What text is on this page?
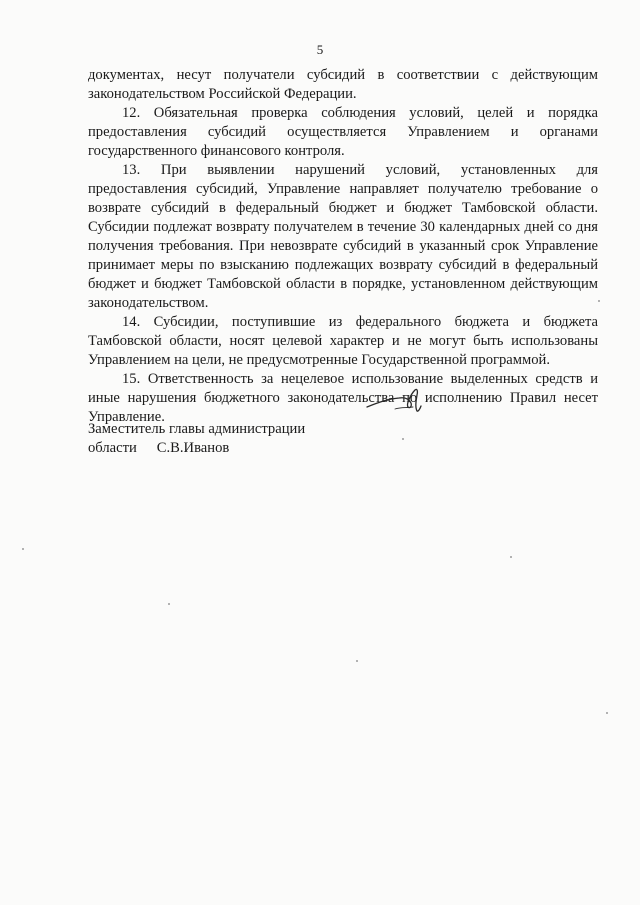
5

документах, несут получатели субсидий в соответствии с действующим законодательством Российской Федерации.

12. Обязательная проверка соблюдения условий, целей и порядка предоставления субсидий осуществляется Управлением и органами государственного финансового контроля.

13. При выявлении нарушений условий, установленных для предоставления субсидий, Управление направляет получателю требование о возврате субсидий в федеральный бюджет и бюджет Тамбовской области. Субсидии подлежат возврату получателем в течение 30 календарных дней со дня получения требования. При невозврате субсидий в указанный срок Управление принимает меры по взысканию подлежащих возврату субсидий в федеральный бюджет и бюджет Тамбовской области в порядке, установленном действующим законодательством.

14. Субсидии, поступившие из федерального бюджета и бюджета Тамбовской области, носят целевой характер и не могут быть использованы Управлением на цели, не предусмотренные Государственной программой.

15. Ответственность за нецелевое использование выделенных средств и иные нарушения бюджетного законодательства по исполнению Правил несет Управление.

Заместитель главы администрации
области С.В.Иванов
